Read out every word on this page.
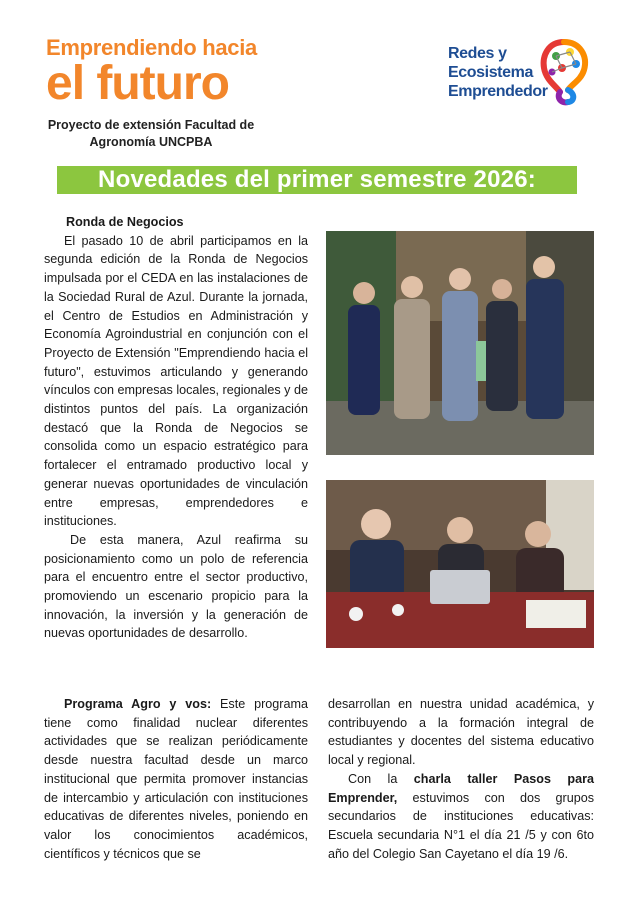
Emprendiendo hacia
el futuro
Proyecto de extensión Facultad de Agronomía UNCPBA
Redes y
Ecosistema
Emprendedor
Novedades del primer semestre 2026:
Ronda de Negocios

El pasado 10 de abril participamos en la segunda edición de la Ronda de Negocios impulsada por el CEDA en las instalaciones de la Sociedad Rural de Azul. Durante la jornada, el Centro de Estudios en Administración y Economía Agroindustrial en conjunción con el Proyecto de Extensión "Emprendiendo hacia el futuro", estuvimos articulando y generando vínculos con empresas locales, regionales y de distintos puntos del país. La organización destacó que la Ronda de Negocios se consolida como un espacio estratégico para fortalecer el entramado productivo local y generar nuevas oportunidades de vinculación entre empresas, emprendedores e instituciones.

De esta manera, Azul reafirma su posicionamiento como un polo de referencia para el encuentro entre el sector productivo, promoviendo un escenario propicio para la innovación, la inversión y la generación de nuevas oportunidades de desarrollo.

Programa Agro y vos: Este programa tiene como finalidad nuclear diferentes actividades que se realizan periódicamente desde nuestra facultad desde un marco institucional que permita promover instancias de intercambio y articulación con instituciones educativas de diferentes niveles, poniendo en valor los conocimientos académicos, científicos y técnicos que se

desarrollan en nuestra unidad académica, y contribuyendo a la formación integral de estudiantes y docentes del sistema educativo local y regional.

Con la charla taller Pasos para Emprender, estuvimos con dos grupos secundarios de instituciones educativas: Escuela secundaria N°1 el día 21 /5 y con 6to año del Colegio San Cayetano el día 19 /6.
